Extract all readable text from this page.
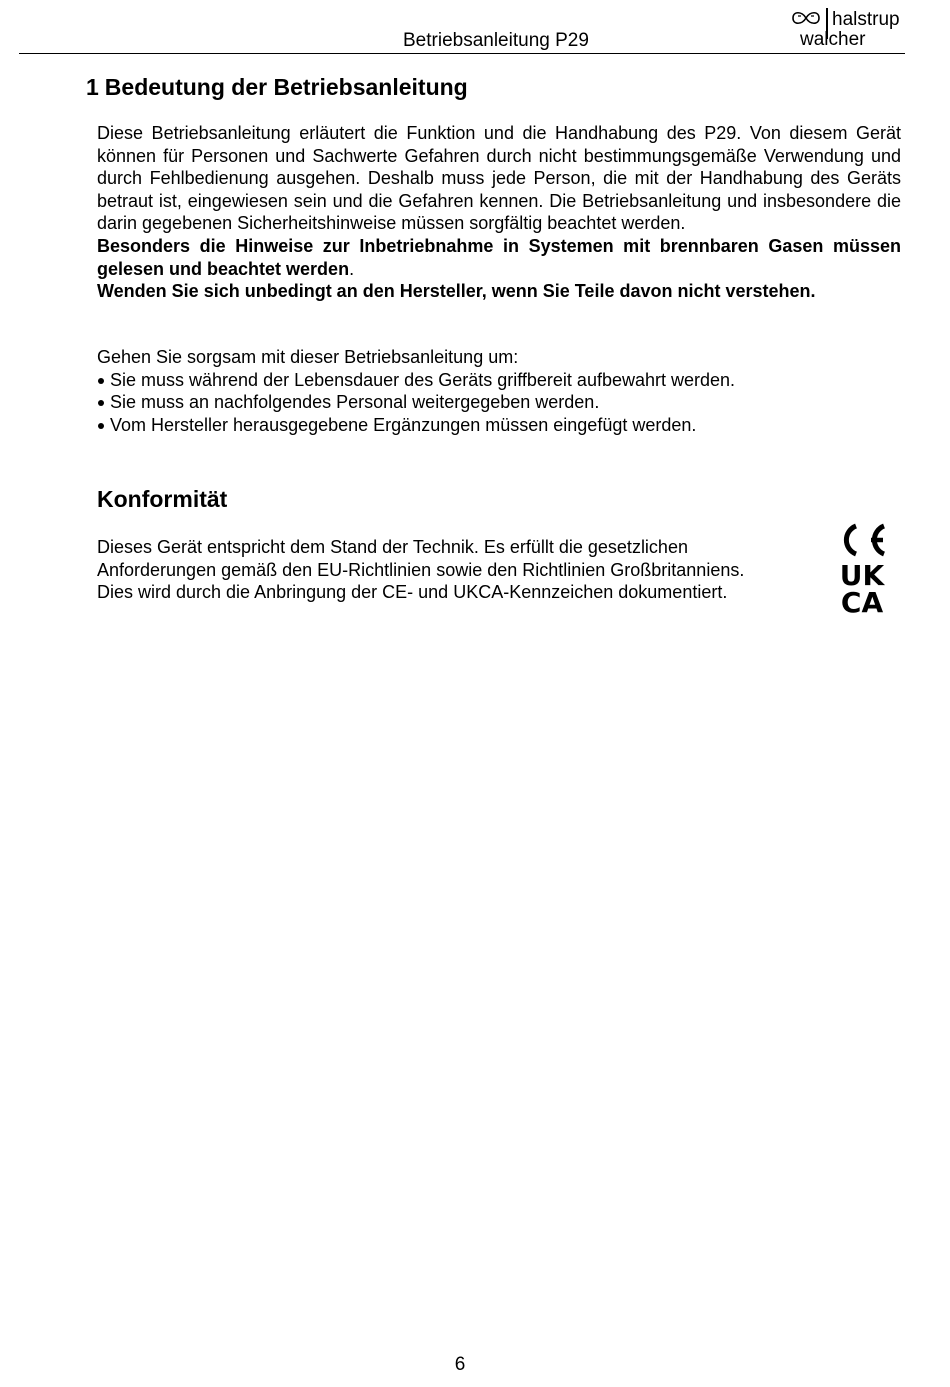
Betriebsanleitung P29
halstrup
walcher
1 Bedeutung der Betriebsanleitung

Diese Betriebsanleitung erläutert die Funktion und die Handhabung des P29. Von diesem Gerät können für Personen und Sachwerte Gefahren durch nicht bestimmungsgemäße Verwendung und durch Fehlbedienung ausgehen. Deshalb muss jede Person, die mit der Handhabung des Geräts betraut ist, eingewiesen sein und die Gefahren kennen. Die Betriebsanleitung und insbesondere die darin gegebenen Sicherheitshinweise müssen sorgfältig beachtet werden.

Besonders die Hinweise zur Inbetriebnahme in Systemen mit brennbaren Gasen müssen gelesen und beachtet werden.

Wenden Sie sich unbedingt an den Hersteller, wenn Sie Teile davon nicht verstehen.

Gehen Sie sorgsam mit dieser Betriebsanleitung um:

Sie muss während der Lebensdauer des Geräts griffbereit aufbewahrt werden.
Sie muss an nachfolgendes Personal weitergegeben werden.
Vom Hersteller herausgegebene Ergänzungen müssen eingefügt werden.
Konformität

Dieses Gerät entspricht dem Stand der Technik. Es erfüllt die gesetzlichen

Anforderungen gemäß den EU-Richtlinien sowie den Richtlinien Großbritanniens.

Dies wird durch die Anbringung der CE- und UKCA-Kennzeichen dokumentiert.

UK
CA
6
